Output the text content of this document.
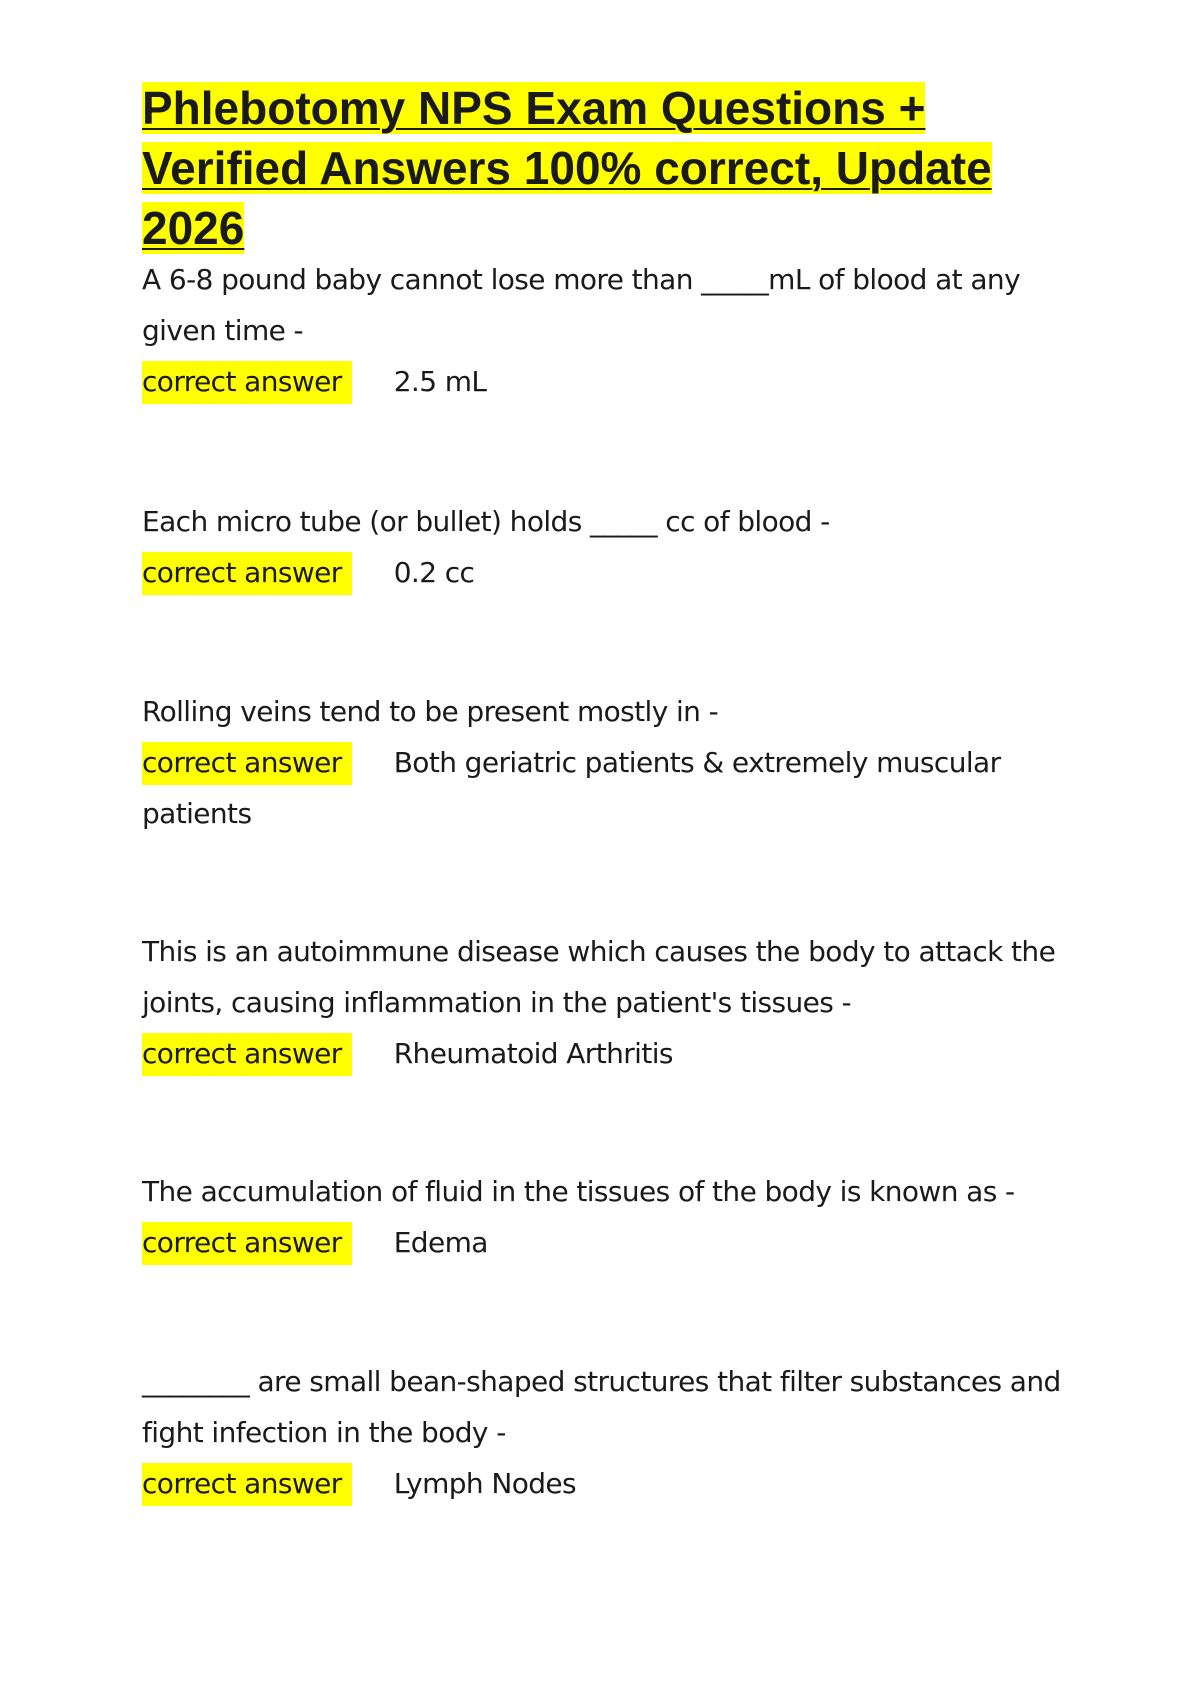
Phlebotomy NPS Exam Questions + Verified Answers 100% correct, Update 2026

A 6-8 pound baby cannot lose more than _____mL of blood at any given time -

correct answer 2.5 mL

Each micro tube (or bullet) holds _____ cc of blood -

correct answer 0.2 cc

Rolling veins tend to be present mostly in -

correct answer Both geriatric patients & extremely muscular patients

This is an autoimmune disease which causes the body to attack the joints, causing inflammation in the patient's tissues -

correct answer Rheumatoid Arthritis

The accumulation of fluid in the tissues of the body is known as -

correct answer Edema

________ are small bean-shaped structures that filter substances and fight infection in the body -

correct answer Lymph Nodes
